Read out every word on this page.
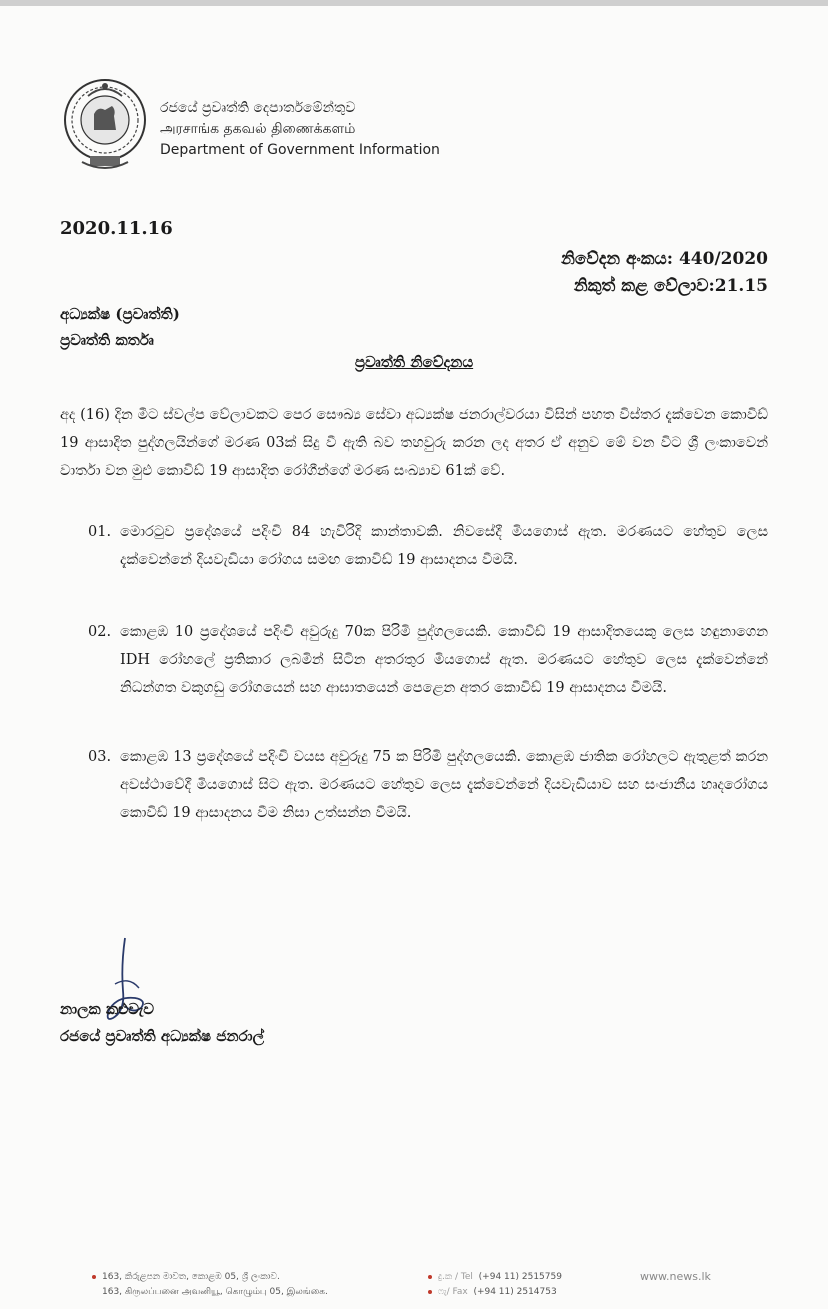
රජයේ ප්‍රවෘත්ති දෙපාර්තමේන්තුව
அரசாங்க தகவல் திணைக்களம்
Department of Government Information
2020.11.16
නිවේදන අංකය: 440/2020
නිකුත් කළ වේලාව:21.15
අධ්‍යක්ෂ (ප්‍රවෘත්ති)
ප්‍රවෘත්ති කර්තෘ
ප්‍රවෘත්ති නිවේදනය
අද (16) දින මීට ස්වල්ප වේලාවකට පෙර සෞඛ්‍ය සේවා අධ්‍යක්ෂ ජනරාල්වරයා විසින් පහත විස්තර දැක්වෙන කොවිඩ් 19 ආසාදිත පුද්ගලයින්ගේ මරණ 03ක් සිදු වී ඇති බව තහවුරු කරන ලද අතර ඒ අනුව මේ වන විට ශ්‍රී ලංකාවෙන් වාර්තා වන මුළු කොවිඩ් 19 ආසාදිත රෝගීන්ගේ මරණ සංඛ්‍යාව 61ක් වේ.
01. මොරටුව ප්‍රදේශයේ පදිංචි 84 හැවිරිදි කාන්තාවකි. නිවසේදී මියගොස් ඇත. මරණයට හේතුව ලෙස දැක්වෙන්නේ දියවැඩියා රෝගය සමඟ කොවිඩ් 19 ආසාදනය වීමයි.
02. කොළඹ 10 ප්‍රදේශයේ පදිංචි අවුරුදු 70ක පිරිමි පුද්ගලයෙකි. කොවිඩ් 19 ආසාදිතයෙකු ලෙස හඳුනාගෙන IDH රෝහලේ ප්‍රතිකාර ලබමින් සිටින අතරතුර මියගොස් ඇත. මරණයට හේතුව ලෙස දැක්වෙන්නේ නිධන්ගත වකුගඩු රෝගයෙන් සහ ආඝාතයෙන් පෙළෙන අතර කොවිඩ් 19 ආසාදනය වීමයි.
03. කොළඹ 13 ප්‍රදේශයේ පදිංචි වයස අවුරුදු 75 ක පිරිමි පුද්ගලයෙකි. කොළඹ ජාතික රෝහලට ඇතුළත් කරන අවස්ථාවේදී මියගොස් සිට ඇත. මරණයට හේතුව ලෙස දැක්වෙන්නේ දියවැඩියාව සහ සංජානීය හෘදරෝගය කොවිඩ් 19 ආසාදනය වීම නිසා උත්සන්න වීමයි.
නාලක කළුවැව
රජයේ ප්‍රවෘත්ති අධ්‍යක්ෂ ජනරාල්
163, කිරුළපන මාවත, කොළඹ 05, ශ්‍රී ලංකාව.
163, கிருலப்பனை அவனியூ, கொழும்பு 05, இலங்கை.
දු.ක / Tel (+94 11) 2515759
ෆැ/ Fax (+94 11) 2514753
www.news.lk
